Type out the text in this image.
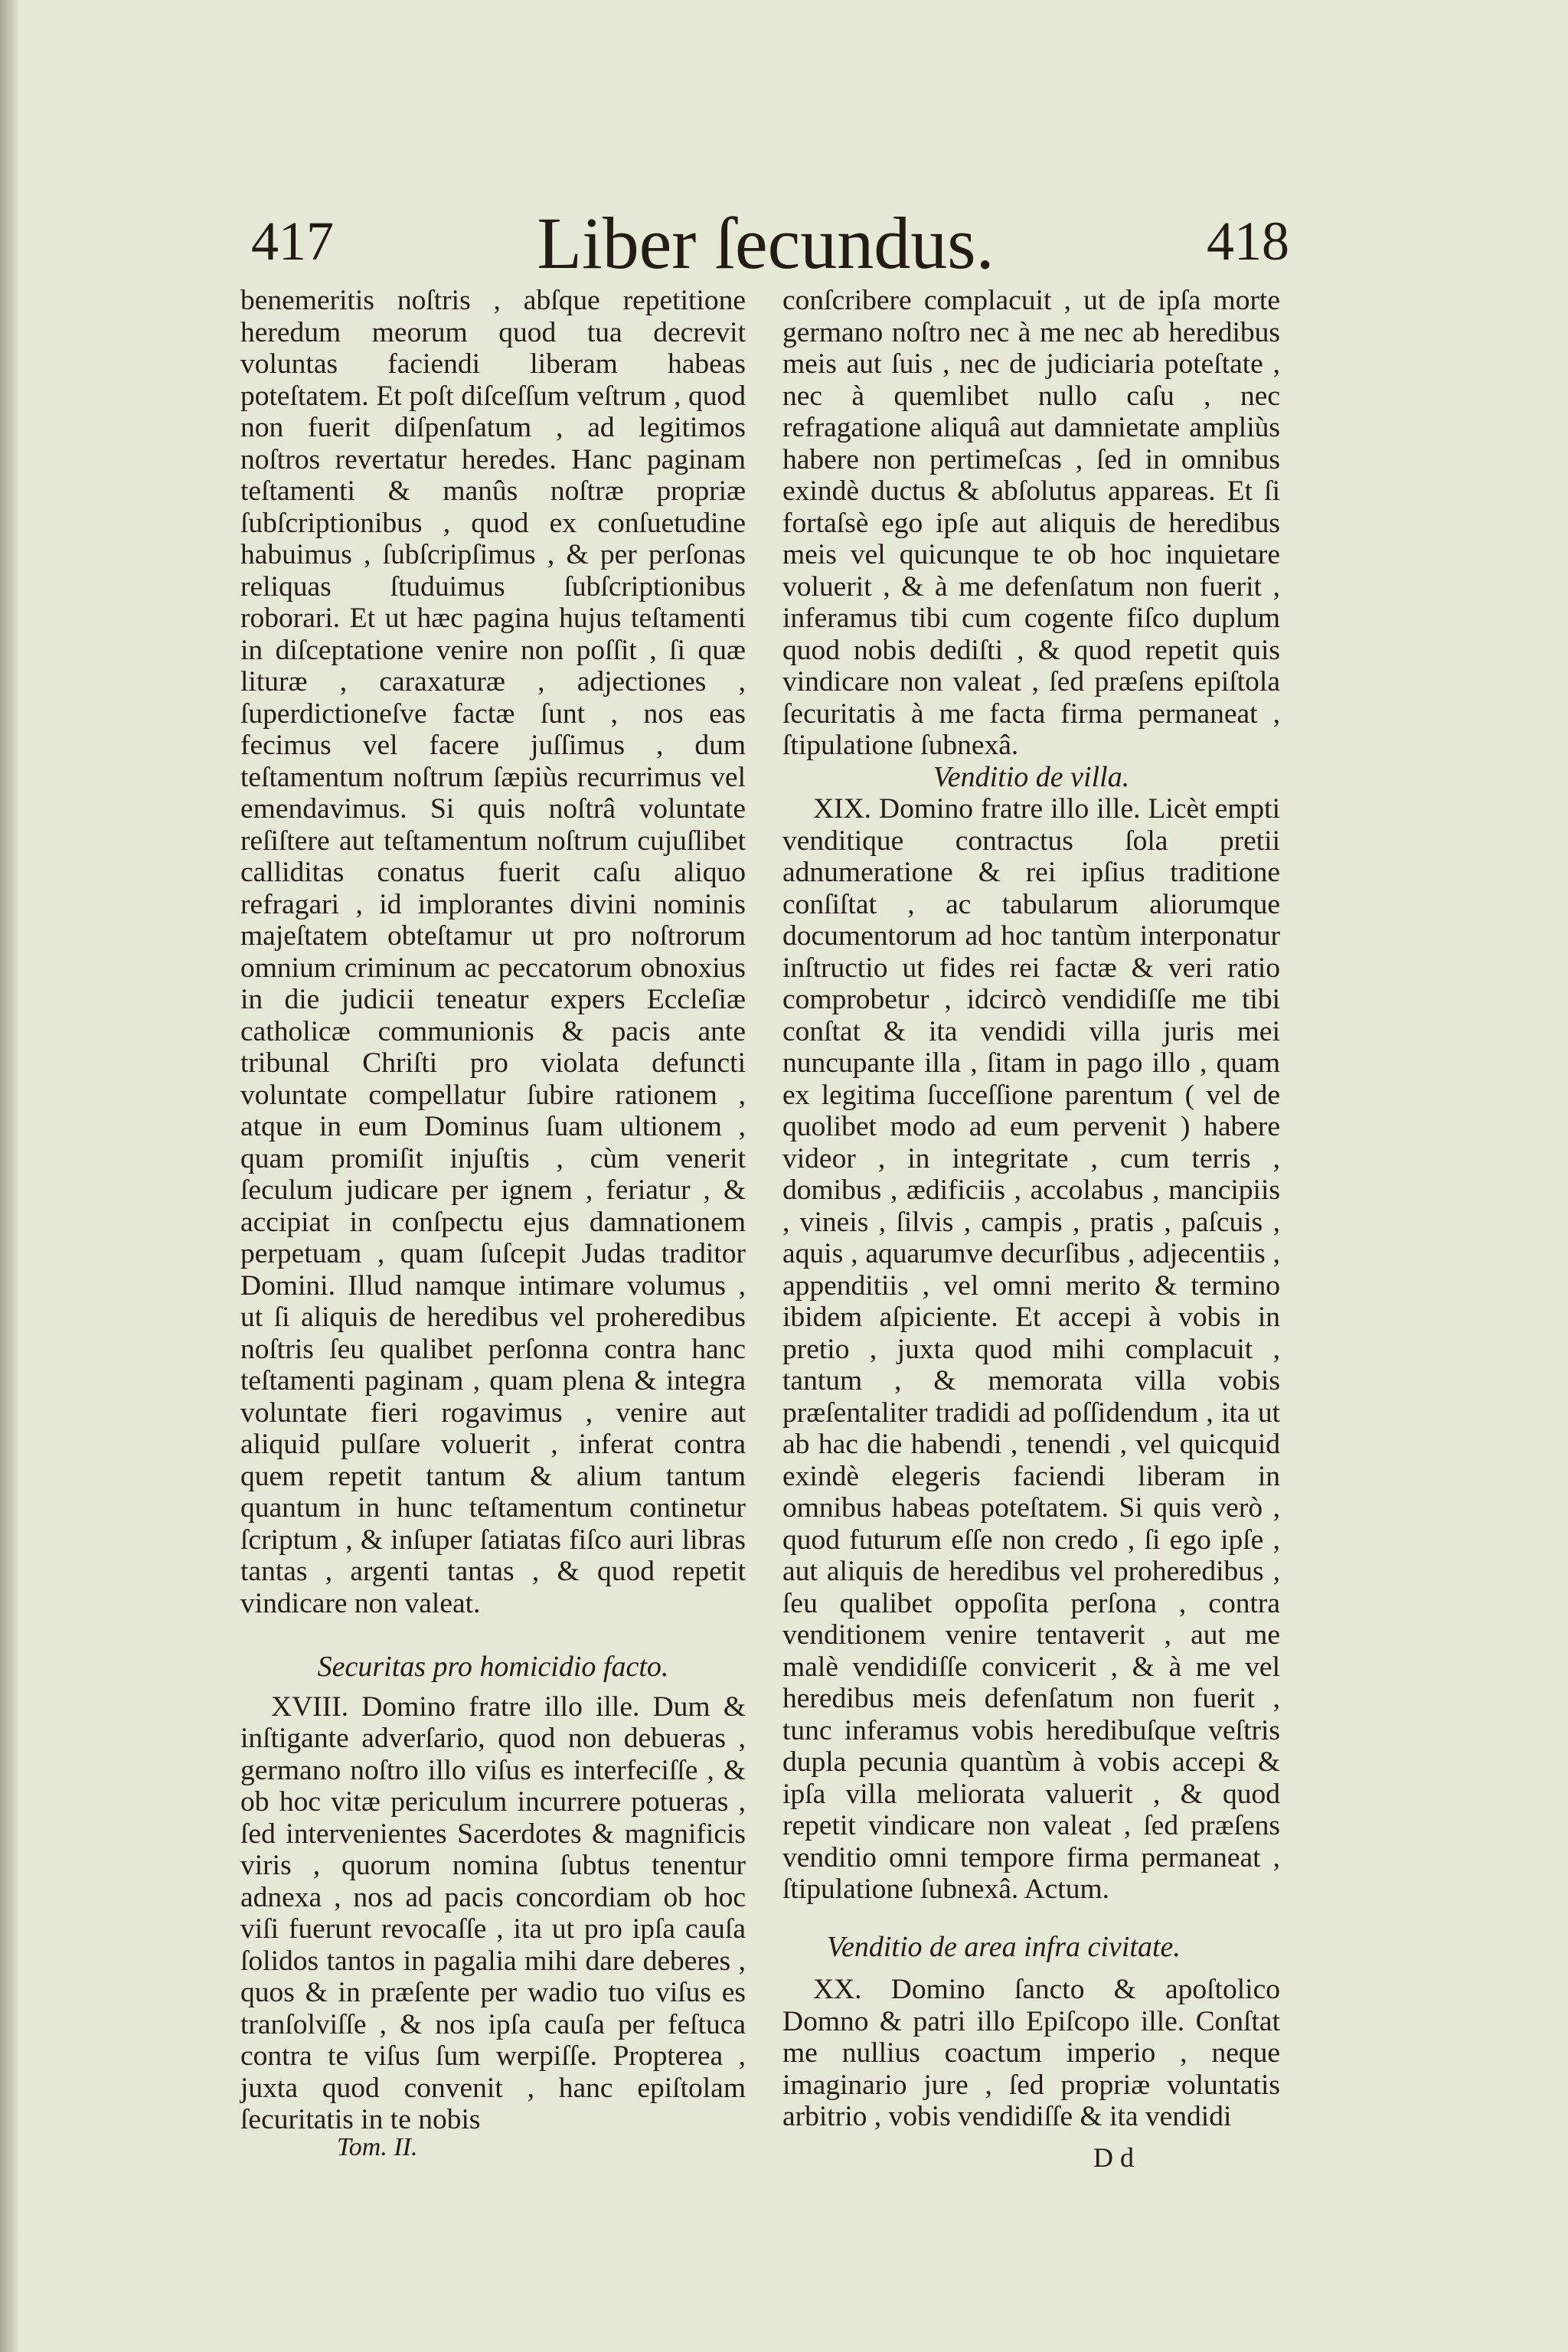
417	Liber ſecundus.	418

benemeritis noſtris , abſque repetitione heredum meorum quod tua decrevit voluntas faciendi liberam habeas poteſtatem. Et poſt diſceſſum veſtrum , quod non fuerit diſpenſatum , ad legitimos noſtros revertatur heredes. Hanc paginam teſtamenti & manûs noſtræ propriæ ſubſcriptionibus , quod ex conſuetudine habuimus , ſubſcripſimus , & per perſonas reliquas ſtuduimus ſubſcriptionibus roborari. Et ut hæc pagina hujus teſtamenti in diſceptatione venire non poſſit , ſi quæ lituræ , caraxaturæ , adjectiones , ſuperdictioneſve factæ ſunt , nos eas fecimus vel facere juſſimus , dum teſtamentum noſtrum ſæpiùs recurrimus vel emendavimus. Si quis noſtrâ voluntate reſiſtere aut teſtamentum noſtrum cujuſlibet calliditas conatus fuerit caſu aliquo refragari , id implorantes divini nominis majeſtatem obteſtamur ut pro noſtrorum omnium criminum ac peccatorum obnoxius in die judicii teneatur expers Eccleſiæ catholicæ communionis & pacis ante tribunal Chriſti pro violata defuncti voluntate compellatur ſubire rationem , atque in eum Dominus ſuam ultionem , quam promiſit injuſtis , cùm venerit ſeculum judicare per ignem , feriatur , & accipiat in conſpectu ejus damnationem perpetuam , quam ſuſcepit Judas traditor Domini. Illud namque intimare volumus , ut ſi aliquis de heredibus vel proheredibus noſtris ſeu qualibet perſonna contra hanc teſtamenti paginam , quam plena & integra voluntate fieri rogavimus , venire aut aliquid pulſare voluerit , inferat contra quem repetit tantum & alium tantum quantum in hunc teſtamentum continetur ſcriptum , & inſuper ſatiatas fiſco auri libras tantas , argenti tantas , & quod repetit vindicare non valeat.

Securitas pro homicidio facto.

XVIII. Domino fratre illo ille. Dum & inſtigante adverſario, quod non debueras , germano noſtro illo viſus es interfeciſſe , & ob hoc vitæ periculum incurrere potueras , ſed intervenientes Sacerdotes & magnificis viris , quorum nomina ſubtus tenentur adnexa , nos ad pacis concordiam ob hoc viſi fuerunt revocaſſe , ita ut pro ipſa cauſa ſolidos tantos in pagalia mihi dare deberes , quos & in præſente per wadio tuo viſus es tranſolviſſe , & nos ipſa cauſa per feſtuca contra te viſus ſum werpiſſe. Propterea , juxta quod convenit , hanc epiſtolam ſecuritatis in te nobis

conſcribere complacuit , ut de ipſa morte germano noſtro nec à me nec ab heredibus meis aut ſuis , nec de judiciaria poteſtate , nec à quemlibet nullo caſu , nec refragatione aliquâ aut damnietate ampliùs habere non pertimeſcas , ſed in omnibus exindè ductus & abſolutus appareas. Et ſi fortaſsè ego ipſe aut aliquis de heredibus meis vel quicunque te ob hoc inquietare voluerit , & à me defenſatum non fuerit , inferamus tibi cum cogente fiſco duplum quod nobis dediſti , & quod repetit quis vindicare non valeat , ſed præſens epiſtola ſecuritatis à me facta firma permaneat , ſtipulatione ſubnexâ.

Venditio de villa.

XIX. Domino fratre illo ille. Licèt empti venditique contractus ſola pretii adnumeratione & rei ipſius traditione conſiſtat , ac tabularum aliorumque documentorum ad hoc tantùm interponatur inſtructio ut fides rei factæ & veri ratio comprobetur , idcircò vendidiſſe me tibi conſtat & ita vendidi villa juris mei nuncupante illa , ſitam in pago illo , quam ex legitima ſucceſſione parentum ( vel de quolibet modo ad eum pervenit ) habere videor , in integritate , cum terris , domibus , ædificiis , accolabus , mancipiis , vineis , ſilvis , campis , pratis , paſcuis , aquis , aquarumve decurſibus , adjecentiis , appenditiis , vel omni merito & termino ibidem aſpiciente. Et accepi à vobis in pretio , juxta quod mihi complacuit , tantum , & memorata villa vobis præſentaliter tradidi ad poſſidendum , ita ut ab hac die habendi , tenendi , vel quicquid exindè elegeris faciendi liberam in omnibus habeas poteſtatem. Si quis verò , quod futurum eſſe non credo , ſi ego ipſe , aut aliquis de heredibus vel proheredibus , ſeu qualibet oppoſita perſona , contra venditionem venire tentaverit , aut me malè vendidiſſe convicerit , & à me vel heredibus meis defenſatum non fuerit , tunc inferamus vobis heredibuſque veſtris dupla pecunia quantùm à vobis accepi & ipſa villa meliorata valuerit , & quod repetit vindicare non valeat , ſed præſens venditio omni tempore firma permaneat , ſtipulatione ſubnexâ. Actum.

Venditio de area infra civitate.

XX. Domino ſancto & apoſtolico Domno & patri illo Epiſcopo ille. Conſtat me nullius coactum imperio , neque imaginario jure , ſed propriæ voluntatis arbitrio , vobis vendidiſſe & ita vendidi

Tom. II.	D d
